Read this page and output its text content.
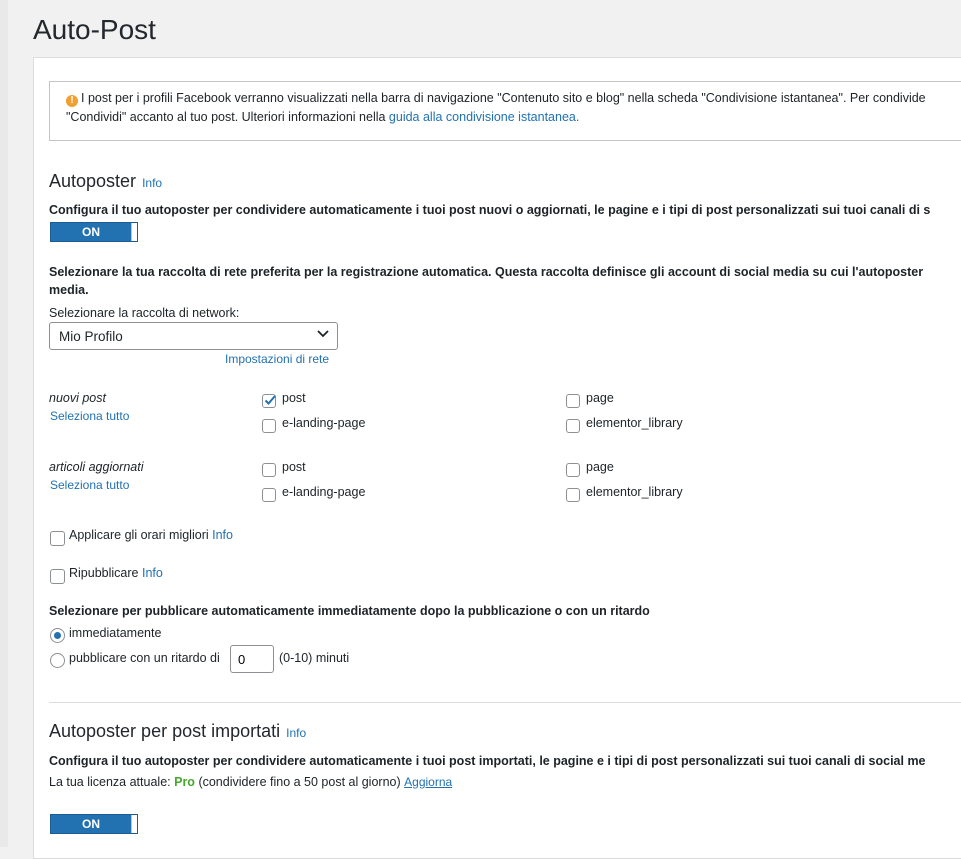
Auto-Post
! I post per i profili Facebook verranno visualizzati nella barra di navigazione "Contenuto sito e blog" nella scheda "Condivisione istantanea". Per condivide
"Condividi" accanto al tuo post. Ulteriori informazioni nella guida alla condivisione istantanea.
Autoposter Info
Configura il tuo autoposter per condividere automaticamente i tuoi post nuovi o aggiornati, le pagine e i tipi di post personalizzati sui tuoi canali di s
ON
Selezionare la tua raccolta di rete preferita per la registrazione automatica. Questa raccolta definisce gli account di social media su cui l'autoposter
media.
Selezionare la raccolta di network:
Mio Profilo
Impostazioni di rete
nuovi post
Seleziona tutto
post	page
e-landing-page	elementor_library
articoli aggiornati
Seleziona tutto
post	page
e-landing-page	elementor_library
Applicare gli orari migliori Info
Ripubblicare Info
Selezionare per pubblicare automaticamente immediatamente dopo la pubblicazione o con un ritardo
immediatamente
pubblicare con un ritardo di
0	(0-10) minuti
Autoposter per post importati Info
Configura il tuo autoposter per condividere automaticamente i tuoi post importati, le pagine e i tipi di post personalizzati sui tuoi canali di social me
La tua licenza attuale: Pro (condividere fino a 50 post al giorno) Aggiorna
ON
